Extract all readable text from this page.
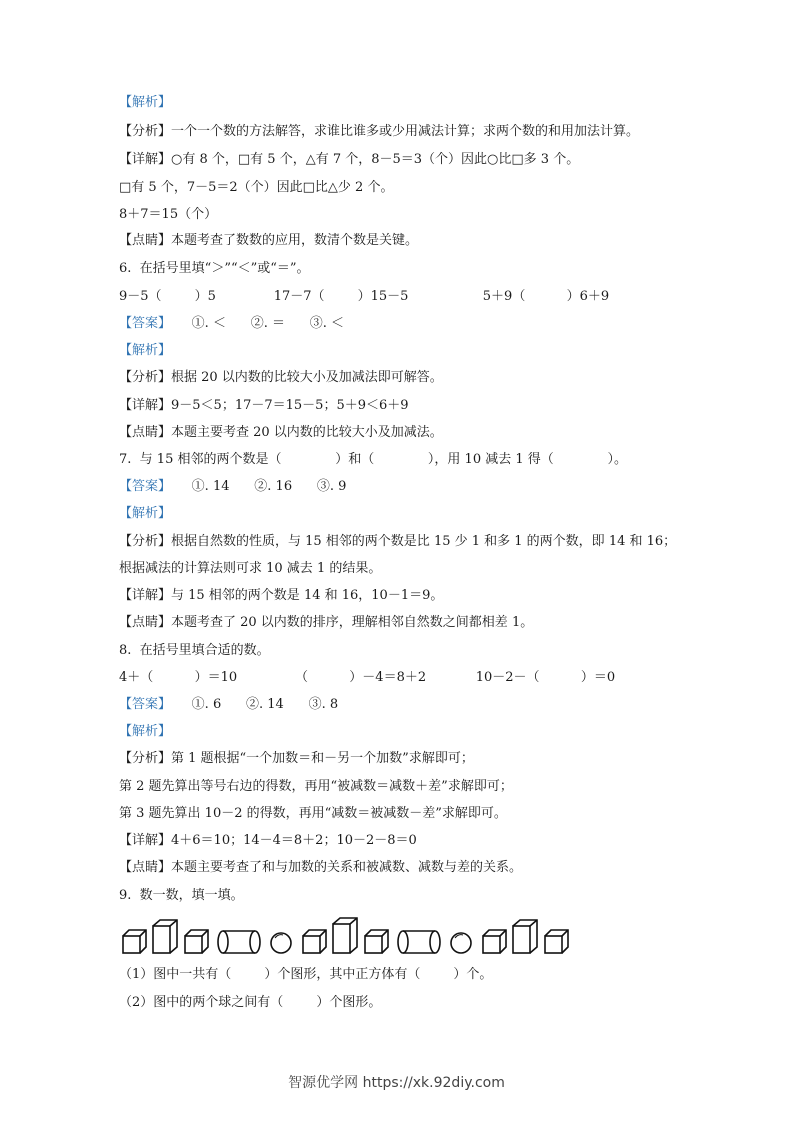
【解析】
【分析】一个一个数的方法解答，求谁比谁多或少用减法计算；求两个数的和用加法计算。
【详解】○有 8 个，□有 5 个，△有 7 个，8－5＝3（个）因此○比□多 3 个。
□有 5 个，7－5＝2（个）因此□比△少 2 个。
8＋7＝15（个）
【点睛】本题考查了数数的应用，数清个数是关键。
6.  在括号里填“＞”“＜”或“＝”。
9－5（        ）5              17－7（        ）15－5                  5＋9（          ）6＋9
【答案】     ①. ＜      ②. ＝      ③. ＜
【解析】
【分析】根据 20 以内数的比较大小及加减法即可解答。
【详解】9－5＜5；17－7＝15－5；5＋9＜6＋9
【点睛】本题主要考查 20 以内数的比较大小及加减法。
7.  与 15 相邻的两个数是（             ）和（             ），用 10 减去 1 得（             ）。
【答案】     ①. 14      ②. 16      ③. 9
【解析】
【分析】根据自然数的性质，与 15 相邻的两个数是比 15 少 1 和多 1 的两个数，即 14 和 16；
根据减法的计算法则可求 10 减去 1 的结果。
【详解】与 15 相邻的两个数是 14 和 16，10－1＝9。
【点睛】本题考查了 20 以内数的排序，理解相邻自然数之间都相差 1。
8.  在括号里填合适的数。
4＋（          ）＝10              （          ）－4＝8＋2            10－2－（          ）＝0
【答案】     ①. 6      ②. 14      ③. 8
【解析】
【分析】第 1 题根据“一个加数＝和－另一个加数”求解即可；
第 2 题先算出等号右边的得数，再用“被减数＝减数＋差”求解即可；
第 3 题先算出 10－2 的得数，再用“减数＝被减数－差”求解即可。
【详解】4＋6＝10；14－4＝8＋2；10－2－8＝0
【点睛】本题主要考查了和与加数的关系和被减数、减数与差的关系。
9.  数一数，填一填。
（1）图中一共有（        ）个图形，其中正方体有（        ）个。
（2）图中的两个球之间有（        ）个图形。
智源优学网 https://xk.92diy.com
